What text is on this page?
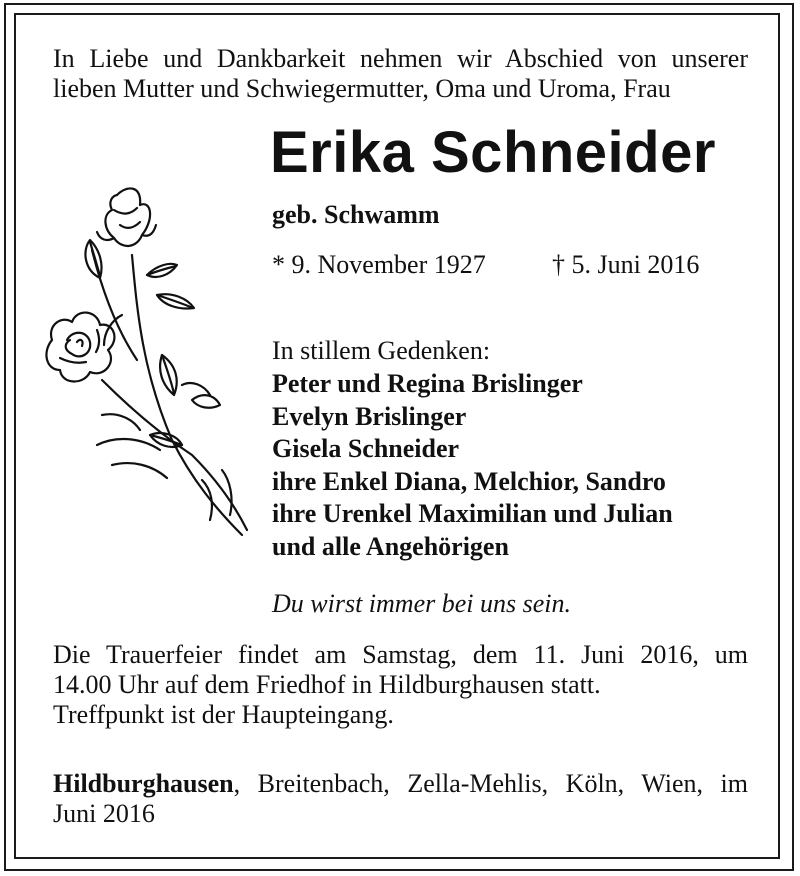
In Liebe und Dankbarkeit nehmen wir Abschied von unserer
lieben Mutter und Schwiegermutter, Oma und Uroma, Frau
Erika Schneider
geb. Schwamm
* 9. November 1927	† 5. Juni 2016
In stillem Gedenken:
Peter und Regina Brislinger
Evelyn Brislinger
Gisela Schneider
ihre Enkel Diana, Melchior, Sandro
ihre Urenkel Maximilian und Julian
und alle Angehörigen
Du wirst immer bei uns sein.
Die Trauerfeier findet am Samstag, dem 11. Juni 2016, um
14.00 Uhr auf dem Friedhof in Hildburghausen statt.
Treffpunkt ist der Haupteingang.
Hildburghausen, Breitenbach, Zella-Mehlis, Köln, Wien, im
Juni 2016
